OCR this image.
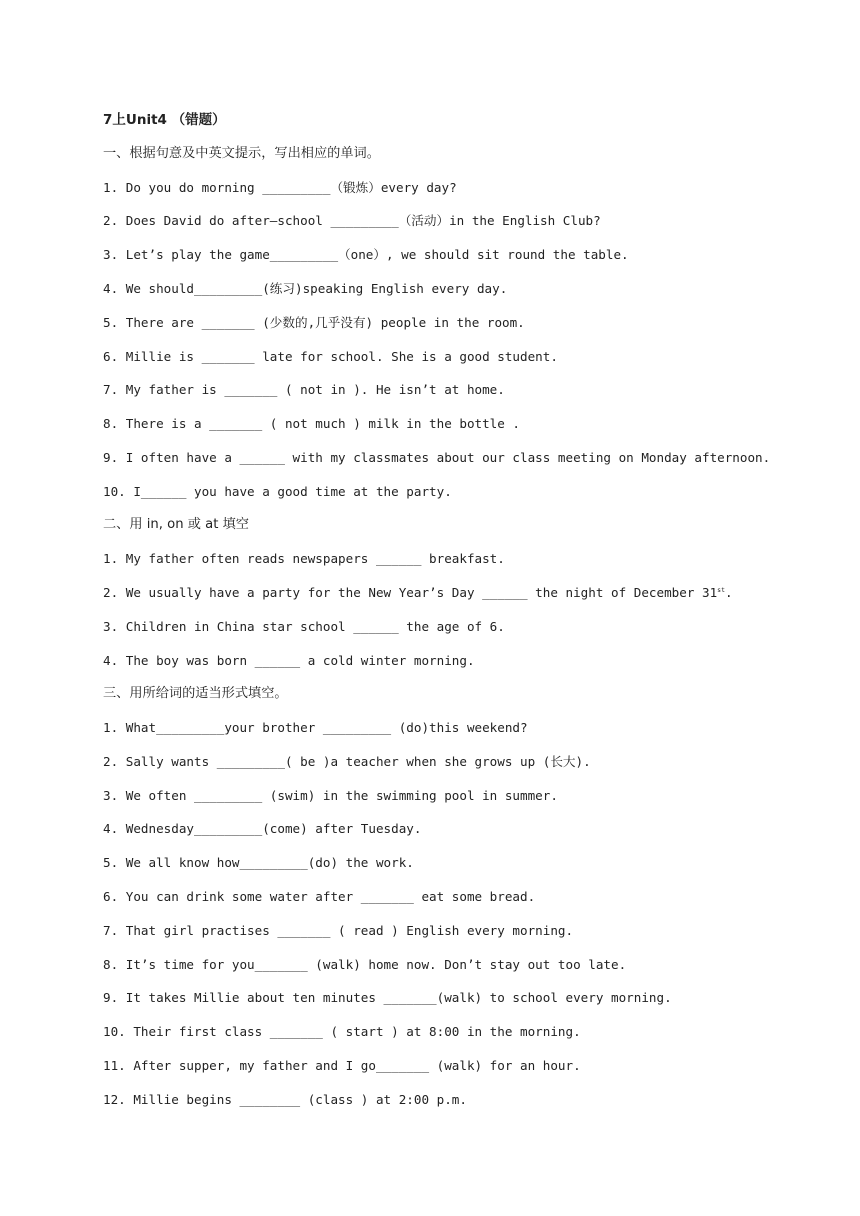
7上Unit4 （错题）
一、根据句意及中英文提示，写出相应的单词。
1. Do you do morning _________（锻炼）every day?
2. Does David do after—school _________（活动）in the English Club?
3. Let’s play the game_________（one）, we should sit round the table.
4. We should_________(练习)speaking English every day.
5. There are _______ (少数的,几乎没有) people in the room.
6. Millie is _______ late for school. She is a good student.
7. My father is _______ ( not in ). He isn’t at home.
8. There is a _______ ( not much ) milk in the bottle .
9. I often have a ______ with my classmates about our class meeting on Monday afternoon.
10. I______ you have a good time at the party.
二、用 in, on 或 at 填空
1. My father often reads newspapers ______ breakfast.
2. We usually have a party for the New Year’s Day ______ the night of December 31st.
3. Children in China star school ______ the age of 6.
4. The boy was born ______ a cold winter morning.
三、用所给词的适当形式填空。
1. What_________your brother _________ (do)this weekend?
2. Sally wants _________( be )a teacher when she grows up (长大).
3. We often _________ (swim) in the swimming pool in summer.
4. Wednesday_________(come) after Tuesday.
5. We all know how_________(do) the work.
6. You can drink some water after _______ eat some bread.
7. That girl practises _______ ( read ) English every morning.
8. It’s time for you_______ (walk) home now. Don’t stay out too late.
9. It takes Millie about ten minutes _______(walk) to school every morning.
10. Their first class _______ ( start ) at 8:00 in the morning.
11. After supper, my father and I go_______ (walk) for an hour.
12. Millie begins ________ (class ) at 2:00 p.m.
